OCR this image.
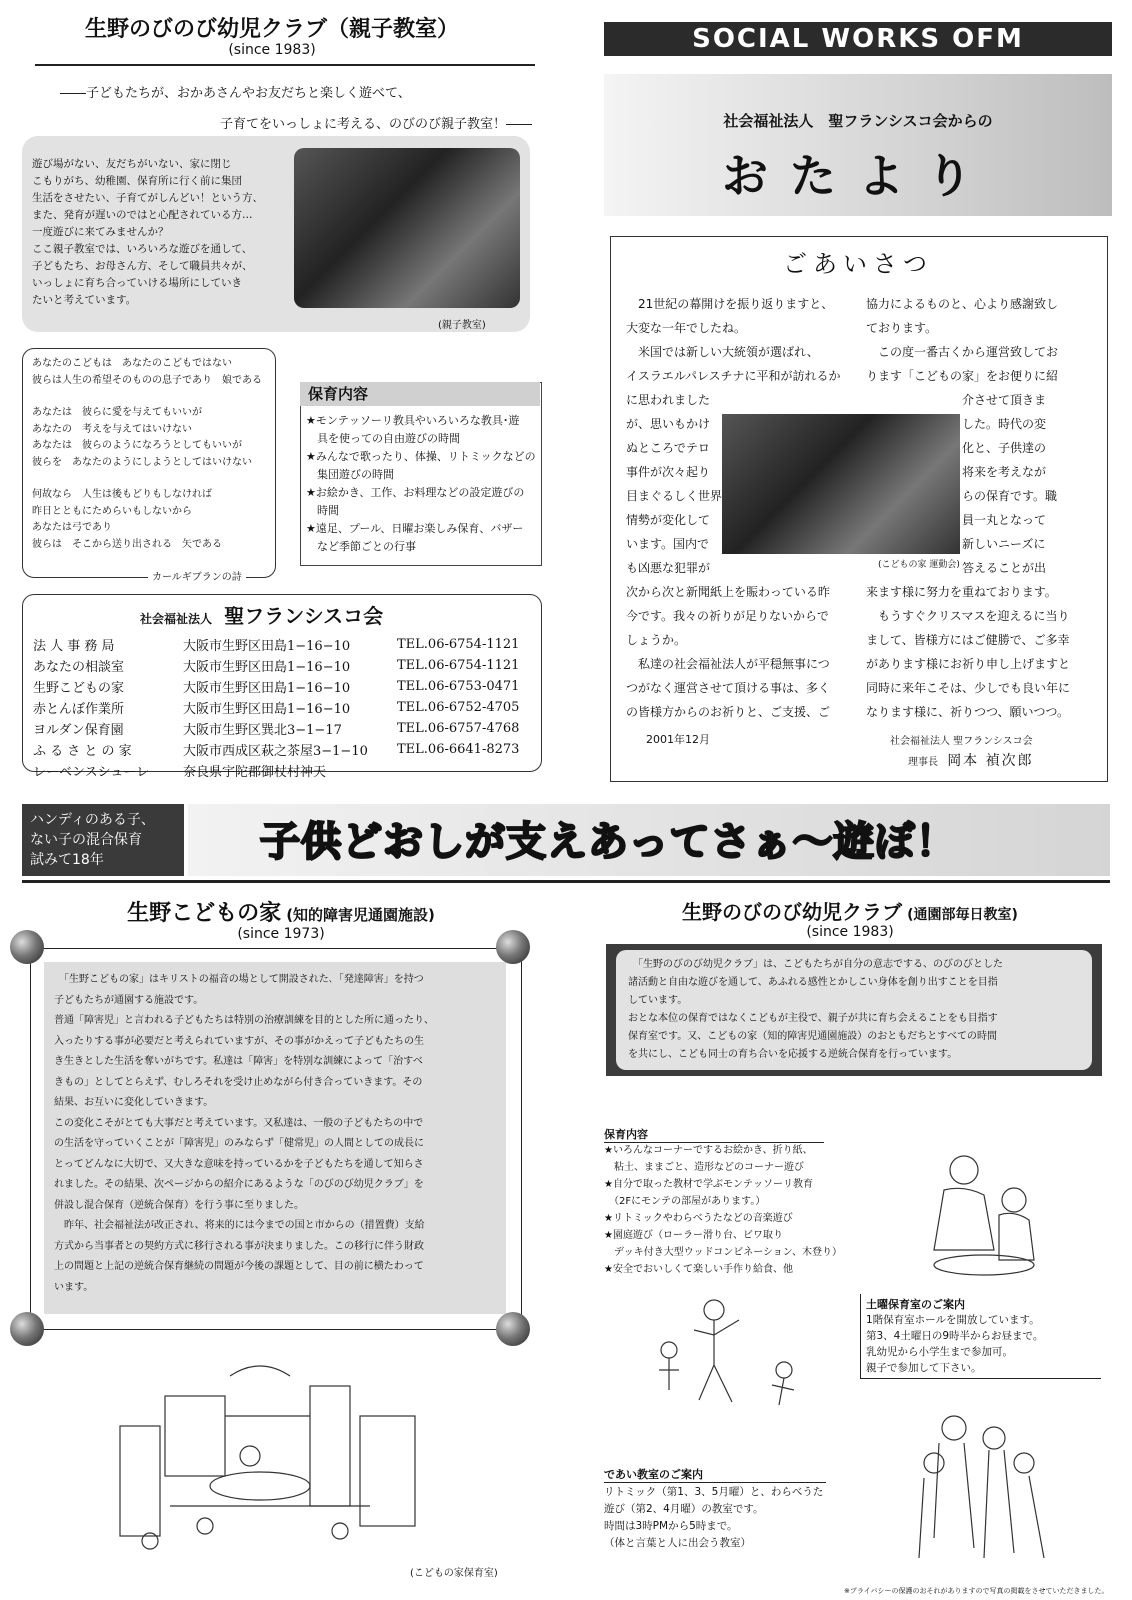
生野のびのび幼児クラブ（親子教室）
(since 1983)
――子どもたちが、おかあさんやお友だちと楽しく遊べて、
子育てをいっしょに考える、のびのび親子教室！――
遊び場がない、友だちがいない、家に閉じ
こもりがち、幼稚園、保育所に行く前に集団
生活をさせたい、子育てがしんどい！という方、
また、発育が遅いのではと心配されている方…
一度遊びに来てみませんか？
ここ親子教室では、いろいろな遊びを通して、
子どもたち、お母さん方、そして職員共々が、
いっしょに育ち合っていける場所にしていき
たいと考えています。
(親子教室)
あなたのこどもは　あなたのこどもではない
彼らは人生の希望そのものの息子であり　娘である
あなたは　彼らに愛を与えてもいいが
あなたの　考えを与えてはいけない
あなたは　彼らのようになろうとしてもいいが
彼らを　あなたのようにしようとしてはいけない
何故なら　人生は後もどりもしなければ
昨日とともにためらいもしないから
あなたは弓であり
彼らは　そこから送り出される　矢である
カールギブランの詩
保育内容
★モンテッソーリ教具やいろいろな教具･遊
　具を使っての自由遊びの時間
★みんなで歌ったり、体操、リトミックなどの
　集団遊びの時間
★お絵かき、工作、お料理などの設定遊びの
　時間
★遠足、プール、日曜お楽しみ保育、バザー
　など季節ごとの行事
社会福祉法人 聖フランシスコ会
法 人 事 務 局	大阪市生野区田島1−16−10	TEL.06-6754-1121
あなたの相談室	大阪市生野区田島1−16−10	TEL.06-6754-1121
生野こどもの家	大阪市生野区田島1−16−10	TEL.06-6753-0471
赤とんぼ作業所	大阪市生野区田島1−16−10	TEL.06-6752-4705
ヨルダン保育園	大阪市生野区巽北3−1−17	TEL.06-6757-4768
ふ る さ と の 家	大阪市西成区萩之茶屋3−1−10	TEL.06-6641-8273
レーベンスシューレ	奈良県宇陀郡御杖村神天	
SOCIAL WORKS OFM
社会福祉法人　聖フランシスコ会からの
おたより
ごあいさつ
　21世紀の幕開けを振り返りますと、
大変な一年でしたね。
　米国では新しい大統領が選ばれ、
イスラエルパレスチナに平和が訪れるか
に思われました
が、思いもかけ
ぬところでテロ
事件が次々起り
目まぐるしく世界
情勢が変化して
います。国内で
も凶悪な犯罪が
次から次と新聞紙上を賑わっている昨
今です。我々の祈りが足りないからで
しょうか。
　私達の社会福祉法人が平穏無事につ
つがなく運営させて頂ける事は、多く
の皆様方からのお祈りと、ご支援、ご
協力によるものと、心より感謝致し
ております。
　この度一番古くから運営致してお
ります「こどもの家」をお便りに紹
介させて頂きま
した。時代の変
化と、子供達の
将来を考えなが
らの保育です。職
員一丸となって
新しいニーズに
答えることが出
来ます様に努力を重ねております。
　もうすぐクリスマスを迎えるに当り
まして、皆様方にはご健勝で、ご多幸
があります様にお祈り申し上げますと
同時に来年こそは、少しでも良い年に
なります様に、祈りつつ、願いつつ。
(こどもの家 運動会)
2001年12月	社会福祉法人 聖フランシスコ会
理事長 岡本 禎次郎
ハンディのある子、
ない子の混合保育
試みて18年	子供どおしが支えあってさぁ〜遊ぼ！
生野こどもの家 (知的障害児通園施設)
(since 1973)
　「生野こどもの家」はキリストの福音の場として開設された､「発達障害」を持つ
子どもたちが通園する施設です。
普通「障害児」と言われる子どもたちは特別の治療訓練を目的とした所に通ったり、
入ったりする事が必要だと考えられていますが、その事がかえって子どもたちの生
き生きとした生活を奪いがちです。私達は「障害」を特別な訓練によって「治すべ
きもの」としてとらえず、むしろそれを受け止めながら付き合っていきます。その
結果、お互いに変化していきます。
この変化こそがとても大事だと考えています。又私達は、一般の子どもたちの中で
の生活を守っていくことが「障害児」のみならず「健常児」の人間としての成長に
とってどんなに大切で、又大きな意味を持っているかを子どもたちを通して知らさ
れました。その結果、次ページからの紹介にあるような「のびのび幼児クラブ」を
併設し混合保育（逆統合保育）を行う事に至りました。
　昨年、社会福祉法が改正され、将来的には今までの国と市からの（措置費）支給
方式から当事者との契約方式に移行される事が決まりました。この移行に伴う財政
上の問題と上記の逆統合保育継続の問題が今後の課題として、目の前に横たわって
います。
(こどもの家保育室)
生野のびのび幼児クラブ (通園部毎日教室)
(since 1983)
　「生野のびのび幼児クラブ」は、こどもたちが自分の意志でする、のびのびとした
諸活動と自由な遊びを通して、あふれる感性とかしこい身体を創り出すことを目指
しています。
おとな本位の保育ではなくこどもが主役で、親子が共に育ち会えることをも目指す
保育室です。又、こどもの家（知的障害児通園施設）のおともだちとすべての時間
を共にし、こども同士の育ち合いを応援する逆統合保育を行っています。
保育内容
★いろんなコーナーでするお絵かき、折り紙、
　粘土、ままごと、造形などのコーナー遊び
★自分で取った教材で学ぶモンテッソーリ教育
　（2Fにモンテの部屋があります。）
★リトミックやわらべうたなどの音楽遊び
★園庭遊び（ローラー滑り台、ビワ取り
　デッキ付き大型ウッドコンビネーション、木登り）
★安全でおいしくて楽しい手作り給食、他
土曜保育室のご案内
1階保育室ホールを開放しています。
第3、4土曜日の9時半からお昼まで。
乳幼児から小学生まで参加可。
親子で参加して下さい。
であい教室のご案内
リトミック（第1、3、5月曜）と、わらべうた
遊び（第2、4月曜）の教室です。
時間は3時PMから5時まで。
（体と言葉と人に出会う教室）
※プライバシーの保護のおそれがありますので写真の掲載をさせていただきました。
